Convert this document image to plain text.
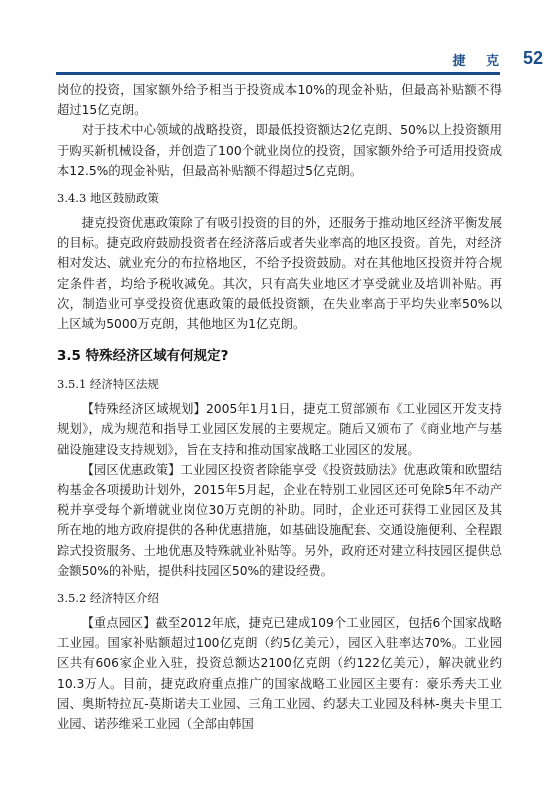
捷 克 52

岗位的投资，国家额外给予相当于投资成本10%的现金补贴，但最高补贴额不得超过15亿克朗。

对于技术中心领域的战略投资，即最低投资额达2亿克朗、50%以上投资额用于购买新机械设备，并创造了100个就业岗位的投资，国家额外给予可适用投资成本12.5%的现金补贴，但最高补贴额不得超过5亿克朗。

3.4.3 地区鼓励政策

捷克投资优惠政策除了有吸引投资的目的外，还服务于推动地区经济平衡发展的目标。捷克政府鼓励投资者在经济落后或者失业率高的地区投资。首先，对经济相对发达、就业充分的布拉格地区，不给予投资鼓励。对在其他地区投资并符合规定条件者，均给予税收减免。其次，只有高失业地区才享受就业及培训补贴。再次，制造业可享受投资优惠政策的最低投资额，在失业率高于平均失业率50%以上区域为5000万克朗，其他地区为1亿克朗。

3.5 特殊经济区域有何规定?
3.5.1 经济特区法规

【特殊经济区域规划】2005年1月1日，捷克工贸部颁布《工业园区开发支持规划》，成为规范和指导工业园区发展的主要规定。随后又颁布了《商业地产与基础设施建设支持规划》，旨在支持和推动国家战略工业园区的发展。

【园区优惠政策】工业园区投资者除能享受《投资鼓励法》优惠政策和欧盟结构基金各项援助计划外，2015年5月起，企业在特别工业园区还可免除5年不动产税并享受每个新增就业岗位30万克朗的补助。同时，企业还可获得工业园区及其所在地的地方政府提供的各种优惠措施，如基础设施配套、交通设施便利、全程跟踪式投资服务、土地优惠及特殊就业补贴等。另外，政府还对建立科技园区提供总金额50%的补贴，提供科技园区50%的建设经费。

3.5.2 经济特区介绍

【重点园区】截至2012年底，捷克已建成109个工业园区，包括6个国家战略工业园。国家补贴额超过100亿克朗（约5亿美元），园区入驻率达70%。工业园区共有606家企业入驻，投资总额达2100亿克朗（约122亿美元），解决就业约10.3万人。目前，捷克政府重点推广的国家战略工业园区主要有：豪乐秀夫工业园、奥斯特拉瓦-莫斯诺夫工业园、三角工业园、约瑟夫工业园及科林-奥夫卡里工业园、诺莎维采工业园（全部由韩国
